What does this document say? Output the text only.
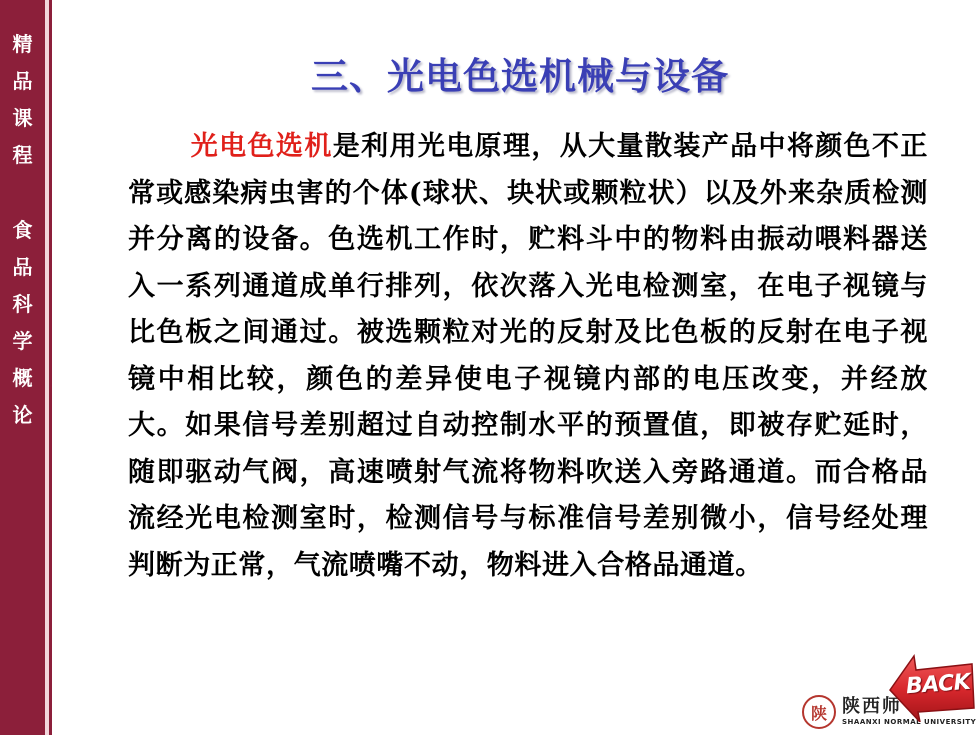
精
品
课
程
食
品
科
学
概
论
三、光电色选机械与设备
光电色选机是利用光电原理，从大量散装产品中将颜色不正常或感染病虫害的个体(球状、块状或颗粒状）以及外来杂质检测并分离的设备。色选机工作时，贮料斗中的物料由振动喂料器送入一系列通道成单行排列，依次落入光电检测室，在电子视镜与比色板之间通过。被选颗粒对光的反射及比色板的反射在电子视镜中相比较，颜色的差异使电子视镜内部的电压改变，并经放大。如果信号差别超过自动控制水平的预置值，即被存贮延时，随即驱动气阀，高速喷射气流将物料吹送入旁路通道。而合格品流经光电检测室时，检测信号与标准信号差别微小，信号经处理判断为正常，气流喷嘴不动，物料进入合格品通道。
陕 陕西师
SHAANXI NORMAL UNIVERSITY
BACK
